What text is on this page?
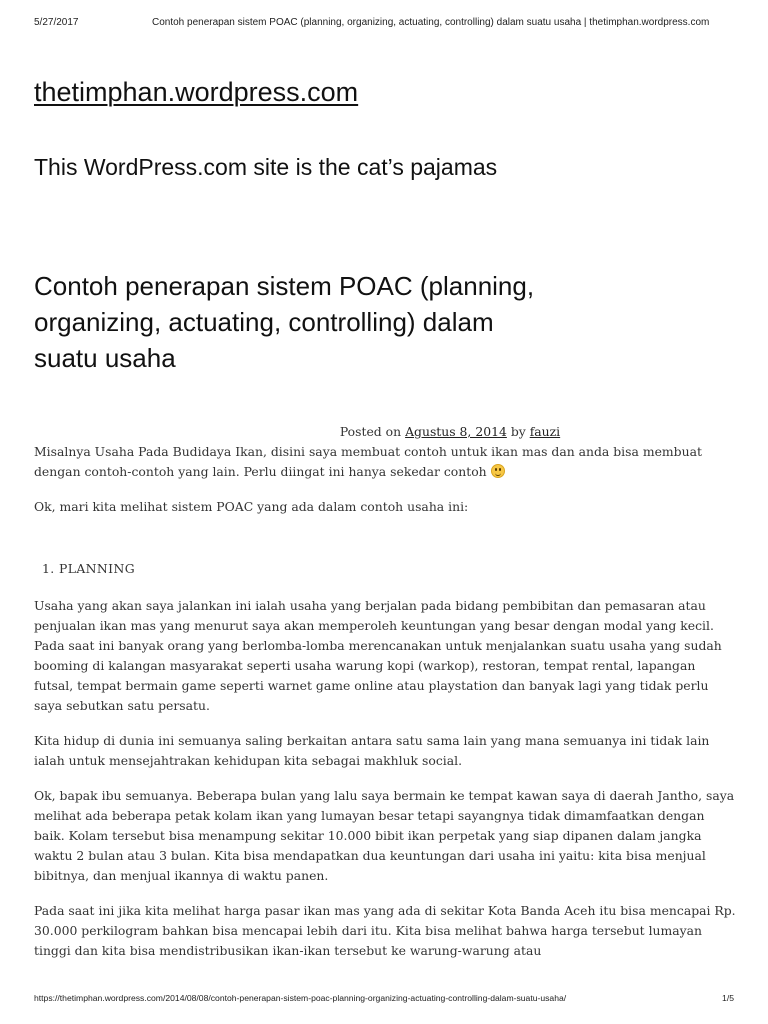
5/27/2017	Contoh penerapan sistem POAC (planning, organizing, actuating, controlling) dalam suatu usaha | thetimphan.wordpress.com
thetimphan.wordpress.com
This WordPress.com site is the cat’s pajamas
Contoh penerapan sistem POAC (planning,
organizing, actuating, controlling) dalam
suatu usaha
Posted on Agustus 8, 2014 by fauzi

Misalnya Usaha Pada Budidaya Ikan, disini saya membuat contoh untuk ikan mas dan anda bisa membuat dengan contoh-contoh yang lain. Perlu diingat ini hanya sekedar contoh

Ok, mari kita melihat sistem POAC yang ada dalam contoh usaha ini:

1. PLANNING

Usaha yang akan saya jalankan ini ialah usaha yang berjalan pada bidang pembibitan dan pemasaran atau penjualan ikan mas yang menurut saya akan memperoleh keuntungan yang besar dengan modal yang kecil. Pada saat ini banyak orang yang berlomba-lomba merencanakan untuk menjalankan suatu usaha yang sudah booming di kalangan masyarakat seperti usaha warung kopi (warkop), restoran, tempat rental, lapangan futsal, tempat bermain game seperti warnet game online atau playstation dan banyak lagi yang tidak perlu saya sebutkan satu persatu.

Kita hidup di dunia ini semuanya saling berkaitan antara satu sama lain yang mana semuanya ini tidak lain ialah untuk mensejahtrakan kehidupan kita sebagai makhluk social.

Ok, bapak ibu semuanya. Beberapa bulan yang lalu saya bermain ke tempat kawan saya di daerah Jantho, saya melihat ada beberapa petak kolam ikan yang lumayan besar tetapi sayangnya tidak dimamfaatkan dengan baik. Kolam tersebut bisa menampung sekitar 10.000 bibit ikan perpetak yang siap dipanen dalam jangka waktu 2 bulan atau 3 bulan. Kita bisa mendapatkan dua keuntungan dari usaha ini yaitu: kita bisa menjual bibitnya, dan menjual ikannya di waktu panen.

Pada saat ini jika kita melihat harga pasar ikan mas yang ada di sekitar Kota Banda Aceh itu bisa mencapai Rp. 30.000 perkilogram bahkan bisa mencapai lebih dari itu. Kita bisa melihat bahwa harga tersebut lumayan tinggi dan kita bisa mendistribusikan ikan-ikan tersebut ke warung-warung atau

https://thetimphan.wordpress.com/2014/08/08/contoh-penerapan-sistem-poac-planning-organizing-actuating-controlling-dalam-suatu-usaha/	1/5
